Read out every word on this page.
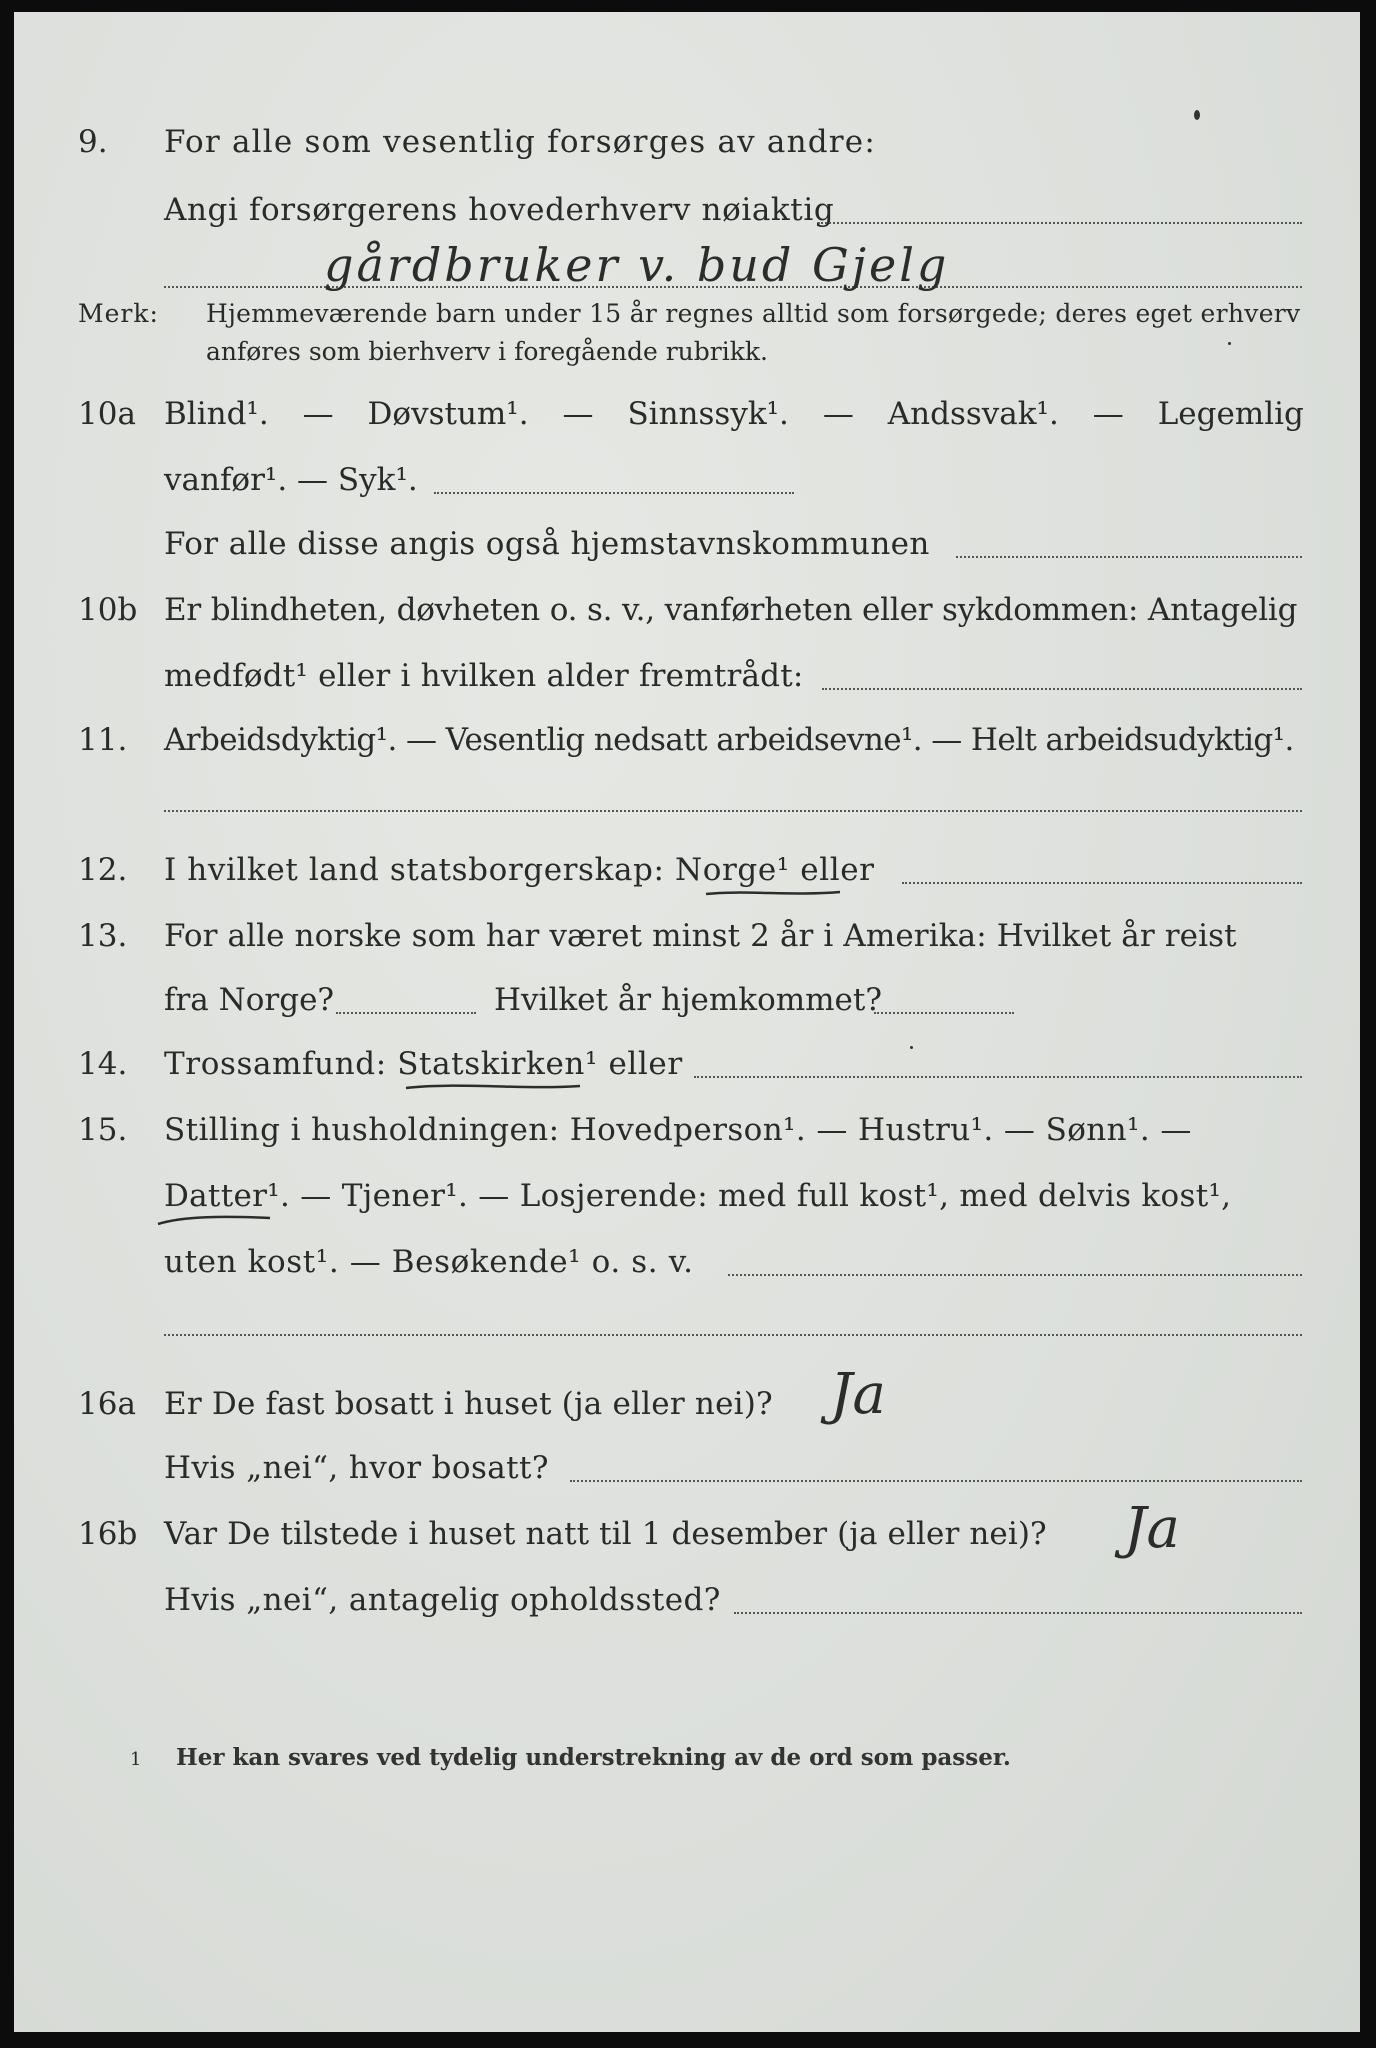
9. For alle som vesentlig forsørges av andre:
Angi forsørgerens hovederhverv nøiaktig
gårdbruker v. bud Gjelg
Merk: Hjemmeværende barn under 15 år regnes alltid som forsørgede; deres eget erhverv
anføres som bierhverv i foregående rubrikk.
10a Blind¹. — Døvstum¹. — Sinnssyk¹. — Andssvak¹. — Legemlig
vanfør¹. — Syk¹.
For alle disse angis også hjemstavnskommunen
10b Er blindheten, døvheten o. s. v., vanførheten eller sykdommen: Antagelig
medfødt¹ eller i hvilken alder fremtrådt:
11. Arbeidsdyktig¹. — Vesentlig nedsatt arbeidsevne¹. — Helt arbeidsudyktig¹.
12. I hvilket land statsborgerskap: Norge¹ eller
13. For alle norske som har været minst 2 år i Amerika: Hvilket år reist
fra Norge?	Hvilket år hjemkommet?
14. Trossamfund: Statskirken¹ eller
15. Stilling i husholdningen: Hovedperson¹. — Hustru¹. — Sønn¹. —
Datter¹. — Tjener¹. — Losjerende: med full kost¹, med delvis kost¹,
uten kost¹. — Besøkende¹ o. s. v.
16a Er De fast bosatt i huset (ja eller nei)? Ja
Hvis „nei“, hvor bosatt?
16b Var De tilstede i huset natt til 1 desember (ja eller nei)? Ja
Hvis „nei“, antagelig opholdssted?
1 Her kan svares ved tydelig understrekning av de ord som passer.
